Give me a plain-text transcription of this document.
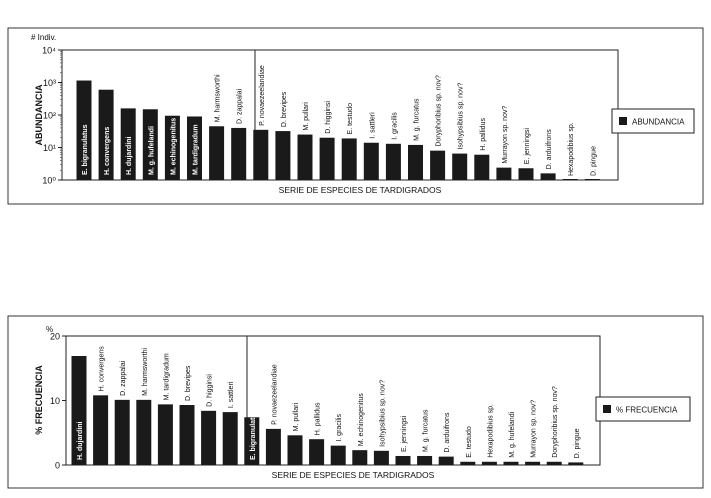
10⁰
10¹
10²
10³
10⁴
# Indiv.
ABUNDANCIA
E. bigranulatus H. convergens H. dujardini M. g. hufelandi M. echinogenitus M. tardigradum
M. harmsworthi D. zappalai P. novaezeelandiae D. brevipes M. pullari D. higginsi E. testudo I. sattleri I. gracilis M. g. furcatus Doryphoribius sp. nov? Isohypsibius sp. nov? H. pallidus Murrayon sp. nov? E. jenningsi D. arduifrons Hexapodibius sp. D. pingue
SERIE DE ESPECIES DE TARDIGRADOS
ABUNDANCIA
0
10
20
%
% FRECUENCIA
H. dujardini
H. convergens D. zappalai M. harmsworthi M. tardigradum D. brevipes D. higginsi I. sattleri
E. bigranulatus
P. novaezeelandiae M. pullari H. pallidus I. gracilis M. echinogenitus Isohypsibius sp. nov? E. jenningsi M. g. furcatus D. arduifrons E. testudo Hexapodibius sp. M. g. hufelandi Murrayon sp. nov? Doryphoribius sp. nov? D. pingue
SERIE DE ESPECIES DE TARDIGRADOS
% FRECUENCIA
